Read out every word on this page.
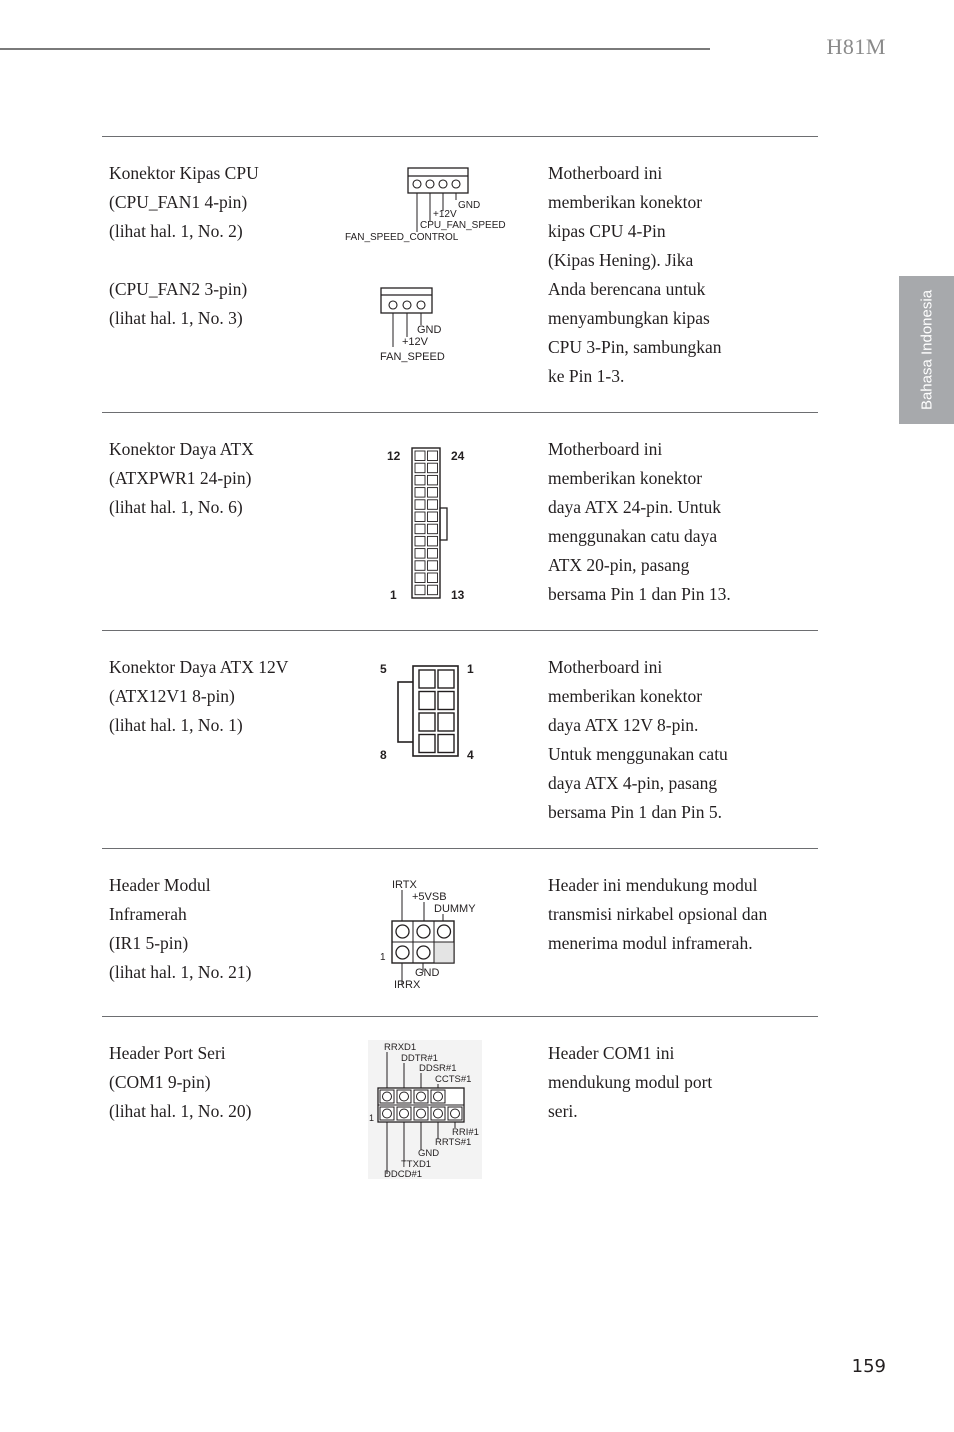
H81M
Bahasa Indonesia

Konektor Kipas CPU

(CPU_FAN1 4-pin)

(lihat hal. 1, No. 2)

(CPU_FAN2 3-pin)

(lihat hal. 1, No. 3)

Motherboard ini

memberikan konektor

kipas CPU 4-Pin

(Kipas Hening). Jika

Anda berencana untuk

menyambungkan kipas

CPU 3-Pin, sambungkan

ke Pin 1-3.

GND
+12V
CPU_FAN_SPEED
FAN_SPEED_CONTROL
GND
+12V
FAN_SPEED

Konektor Daya ATX

(ATXPWR1 24-pin)

(lihat hal. 1, No. 6)

Motherboard ini

memberikan konektor

daya ATX 24-pin. Untuk

menggunakan catu daya

ATX 20-pin, pasang

bersama Pin 1 dan Pin 13.

12	24
1	13

Konektor Daya ATX 12V

(ATX12V1 8-pin)

(lihat hal. 1, No. 1)

Motherboard ini

memberikan konektor

daya ATX 12V 8-pin.

Untuk menggunakan catu

daya ATX 4-pin, pasang

bersama Pin 1 dan Pin 5.

5	1
8	4

Header Modul

Inframerah

(IR1 5-pin)

(lihat hal. 1, No. 21)

Header ini mendukung modul

transmisi nirkabel opsional dan

menerima modul inframerah.

IRTX
+5VSB
DUMMY
1
GND
IRRX

Header Port Seri

(COM1 9-pin)

(lihat hal. 1, No. 20)

Header COM1 ini

mendukung modul port

seri.

RRXD1
DDTR#1
DDSR#1
CCTS#1
1
RRI#1
RRTS#1
GND
TTXD1
DDCD#1
159
